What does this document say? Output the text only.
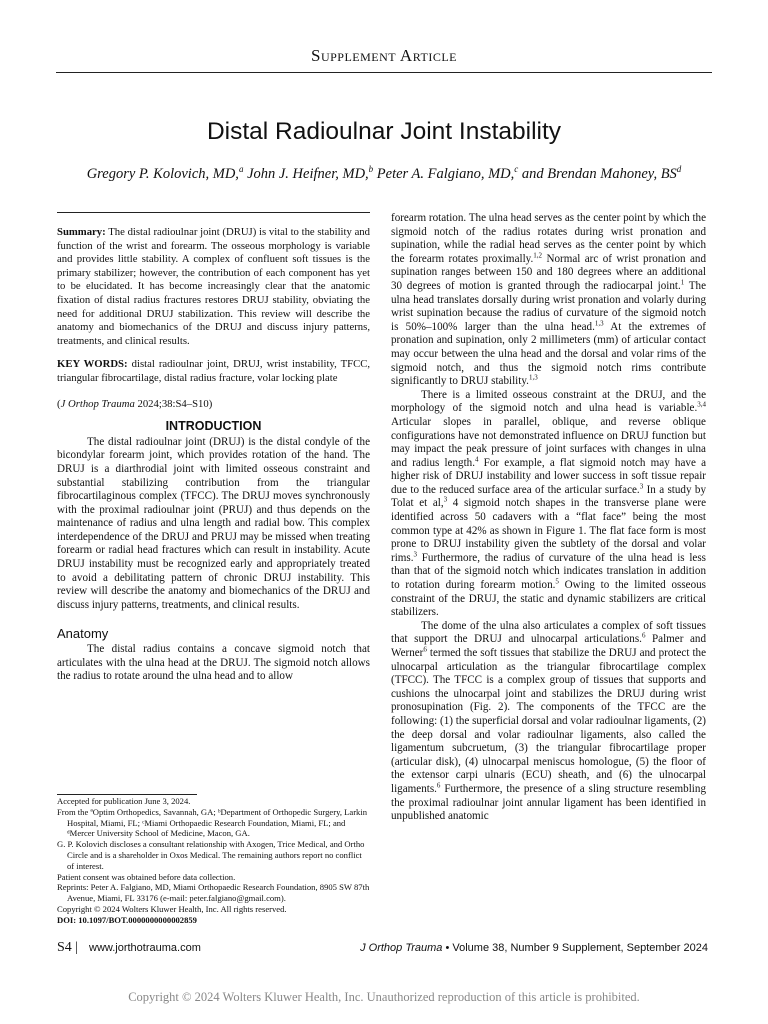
Supplement Article
Distal Radioulnar Joint Instability
Gregory P. Kolovich, MD,$^a$ John J. Heifner, MD,$^b$ Peter A. Falgiano, MD,$^c$ and Brendan Mahoney, $BS^d$

Summary: The distal radioulnar joint (DRUJ) is vital to the stability and function of the wrist and forearm. The osseous morphology is variable and provides little stability. A complex of confluent soft tissues is the primary stabilizer; however, the contribution of each component has yet to be elucidated. It has become increasingly clear that the anatomic fixation of distal radius fractures restores DRUJ stability, obviating the need for additional DRUJ stabilization. This review will describe the anatomy and biomechanics of the DRUJ and discuss injury patterns, treatments, and clinical results.

KEY WORDS: distal radioulnar joint, DRUJ, wrist instability, TFCC, triangular fibrocartilage, distal radius fracture, volar locking plate

(J Orthop Trauma 2024;38:S4–S10)

INTRODUCTION

The distal radioulnar joint (DRUJ) is the distal condyle of the bicondylar forearm joint, which provides rotation of the hand. The DRUJ is a diarthrodial joint with limited osseous constraint and substantial stabilizing contribution from the triangular fibrocartilaginous complex (TFCC). The DRUJ moves synchronously with the proximal radioulnar joint (PRUJ) and thus depends on the maintenance of radius and ulna length and radial bow. This complex interdependence of the DRUJ and PRUJ may be missed when treating forearm or radial head fractures which can result in instability. Acute DRUJ instability must be recognized early and appropriately treated to avoid a debilitating pattern of chronic DRUJ instability. This review will describe the anatomy and biomechanics of the DRUJ and discuss injury patterns, treatments, and clinical results.

Anatomy

The distal radius contains a concave sigmoid notch that articulates with the ulna head at the DRUJ. The sigmoid notch allows the radius to rotate around the ulna head and to allow

Accepted for publication June 3, 2024.
From the ªOptim Orthopedics, Savannah, GA; ᵇDepartment of Orthopedic Surgery, Larkin Hospital, Miami, FL; ᶜMiami Orthopaedic Research Foundation, Miami, FL; and ᵈMercer University School of Medicine, Macon, GA.
G. P. Kolovich discloses a consultant relationship with Axogen, Trice Medical, and Ortho Circle and is a shareholder in Oxos Medical. The remaining authors report no conflict of interest.
Patient consent was obtained before data collection.
Reprints: Peter A. Falgiano, MD, Miami Orthopaedic Research Foundation, 8905 SW 87th Avenue, Miami, FL 33176 (e-mail: peter.falgiano@gmail.com).
Copyright © 2024 Wolters Kluwer Health, Inc. All rights reserved.
DOI: 10.1097/BOT.0000000000002859

forearm rotation. The ulna head serves as the center point by which the sigmoid notch of the radius rotates during wrist pronation and supination, while the radial head serves as the center point by which the forearm rotates proximally.$^{1,2}$ Normal arc of wrist pronation and supination ranges between 150 and 180 degrees where an additional 30 degrees of motion is granted through the radiocarpal joint.$^1$ The ulna head translates dorsally during wrist pronation and volarly during wrist supination because the radius of curvature of the sigmoid notch is 50%–100% larger than the ulna head.$^{1,3}$ At the extremes of pronation and supination, only 2 millimeters (mm) of articular contact may occur between the ulna head and the dorsal and volar rims of the sigmoid notch, and thus the sigmoid notch rims contribute significantly to DRUJ stability.$^{1,3}$

There is a limited osseous constraint at the DRUJ, and the morphology of the sigmoid notch and ulna head is variable.$^{3,4}$ Articular slopes in parallel, oblique, and reverse oblique configurations have not demonstrated influence on DRUJ function but may impact the peak pressure of joint surfaces with changes in ulna and radius length.$^4$ For example, a flat sigmoid notch may have a higher risk of DRUJ instability and lower success in soft tissue repair due to the reduced surface area of the articular surface.$^3$ In a study by Tolat et al,$^3$ 4 sigmoid notch shapes in the transverse plane were identified across 50 cadavers with a “flat face” being the most common type at 42% as shown in Figure 1. The flat face form is most prone to DRUJ instability given the subtlety of the dorsal and volar rims.$^3$ Furthermore, the radius of curvature of the ulna head is less than that of the sigmoid notch which indicates translation in addition to rotation during forearm motion.$^5$ Owing to the limited osseous constraint of the DRUJ, the static and dynamic stabilizers are critical stabilizers.

The dome of the ulna also articulates a complex of soft tissues that support the DRUJ and ulnocarpal articulations.$^6$ Palmer and Werner$^6$ termed the soft tissues that stabilize the DRUJ and protect the ulnocarpal articulation as the triangular fibrocartilage complex (TFCC). The TFCC is a complex group of tissues that supports and cushions the ulnocarpal joint and stabilizes the DRUJ during wrist pronosupination (Fig. 2). The components of the TFCC are the following: (1) the superficial dorsal and volar radioulnar ligaments, (2) the deep dorsal and volar radioulnar ligaments, also called the ligamentum subcruetum, (3) the triangular fibrocartilage proper (articular disk), (4) ulnocarpal meniscus homologue, (5) the floor of the extensor carpi ulnaris (ECU) sheath, and (6) the ulnocarpal ligaments.$^6$ Furthermore, the presence of a sling structure resembling the proximal radioulnar joint annular ligament has been identified in unpublished anatomic

S4 | www.jorthotrauma.com	J Orthop Trauma • Volume 38, Number 9 Supplement, September 2024
Copyright © 2024 Wolters Kluwer Health, Inc. Unauthorized reproduction of this article is prohibited.
